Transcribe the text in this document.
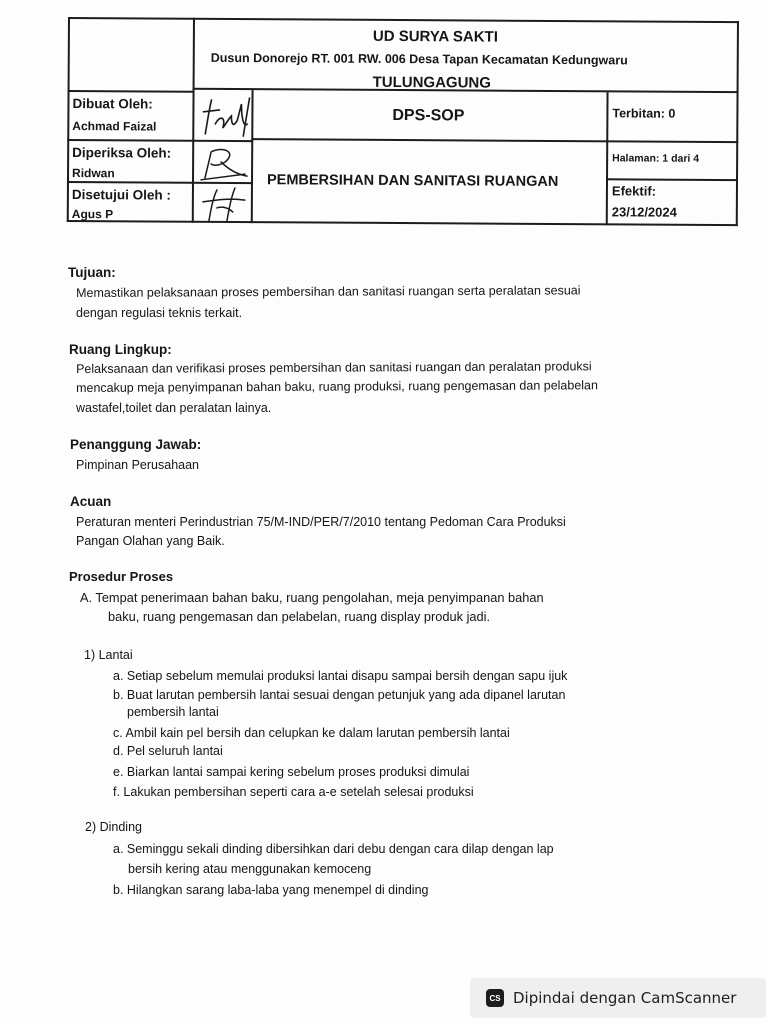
UD SURYA SAKTI
Dusun Donorejo RT. 001 RW. 006 Desa Tapan Kecamatan Kedungwaru
TULUNGAGUNG
Dibuat Oleh:
Achmad Faizal
Diperiksa Oleh:
Ridwan
Disetujui Oleh :
Agus P
DPS-SOP
PEMBERSIHAN DAN SANITASI RUANGAN
Terbitan: 0
Halaman: 1 dari 4
Efektif:
23/12/2024
Tujuan:
Memastikan pelaksanaan proses pembersihan dan sanitasi ruangan serta peralatan sesuai
dengan regulasi teknis terkait.
Ruang Lingkup:
Pelaksanaan dan verifikasi proses pembersihan dan sanitasi ruangan dan peralatan produksi
mencakup meja penyimpanan bahan baku, ruang produksi, ruang pengemasan dan pelabelan
wastafel,toilet dan peralatan lainya.
Penanggung Jawab:
Pimpinan Perusahaan
Acuan
Peraturan menteri Perindustrian 75/M-IND/PER/7/2010 tentang Pedoman Cara Produksi
Pangan Olahan yang Baik.
Prosedur Proses
A. Tempat penerimaan bahan baku, ruang pengolahan, meja penyimpanan bahan
baku, ruang pengemasan dan pelabelan, ruang display produk jadi.
1) Lantai
a. Setiap sebelum memulai produksi lantai disapu sampai bersih dengan sapu ijuk
b. Buat larutan pembersih lantai sesuai dengan petunjuk yang ada dipanel larutan
pembersih lantai
c. Ambil kain pel bersih dan celupkan ke dalam larutan pembersih lantai
d. Pel seluruh lantai
e. Biarkan lantai sampai kering sebelum proses produksi dimulai
f. Lakukan pembersihan seperti cara a-e setelah selesai produksi
2) Dinding
a. Seminggu sekali dinding dibersihkan dari debu dengan cara dilap dengan lap
bersih kering atau menggunakan kemoceng
b. Hilangkan sarang laba-laba yang menempel di dinding
CS Dipindai dengan CamScanner
